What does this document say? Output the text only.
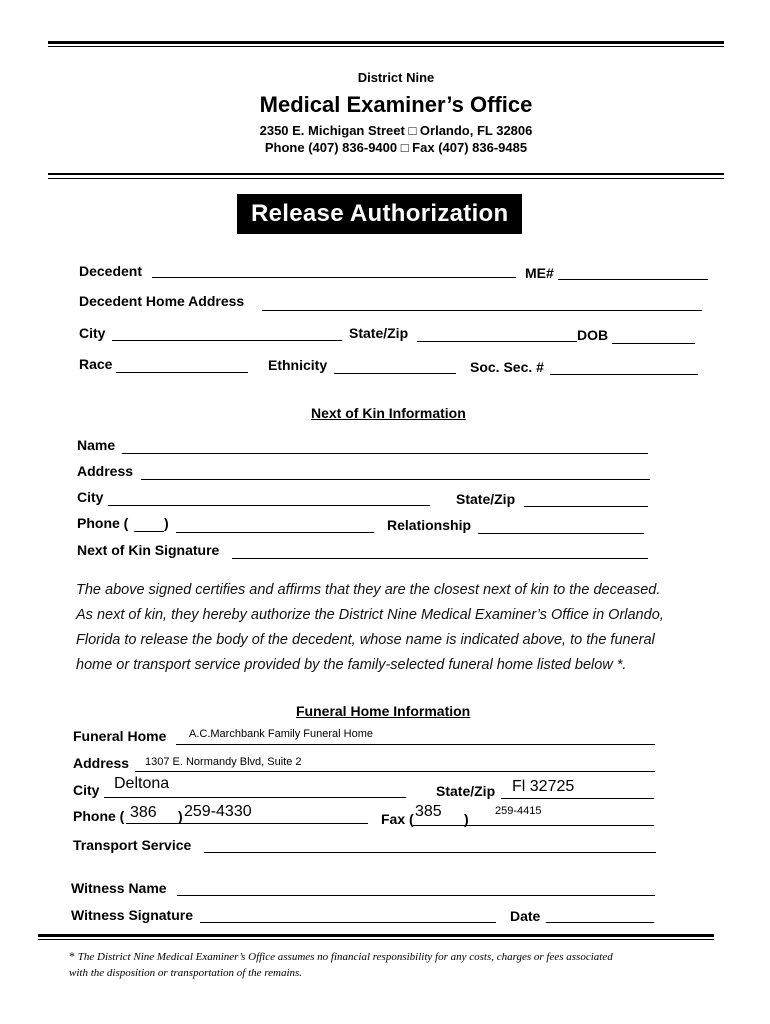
District Nine
Medical Examiner’s Office
2350 E. Michigan Street □ Orlando, FL 32806
Phone (407) 836-9400 □ Fax (407) 836-9485
Release Authorization
Decedent	ME#
Decedent Home Address
City	State/Zip	DOB
Race	Ethnicity	Soc. Sec. #
Next of Kin Information
Name
Address
City	State/Zip
Phone (	)	Relationship
Next of Kin Signature
The above signed certifies and affirms that they are the closest next of kin to the deceased.
As next of kin, they hereby authorize the District Nine Medical Examiner’s Office in Orlando,
Florida to release the body of the decedent, whose name is indicated above, to the funeral
home or transport service provided by the family-selected funeral home listed below *.
Funeral Home Information
Funeral Home A.C.Marchbank Family Funeral Home
Address 1307 E. Normandy Blvd, Suite 2
City Deltona	State/Zip Fl 32725
Phone ( 386 ) 259-4330	Fax ( 385 ) 259-4415
Transport Service
Witness Name
Witness Signature	Date
* The District Nine Medical Examiner’s Office assumes no financial responsibility for any costs, charges or fees associated
with the disposition or transportation of the remains.
